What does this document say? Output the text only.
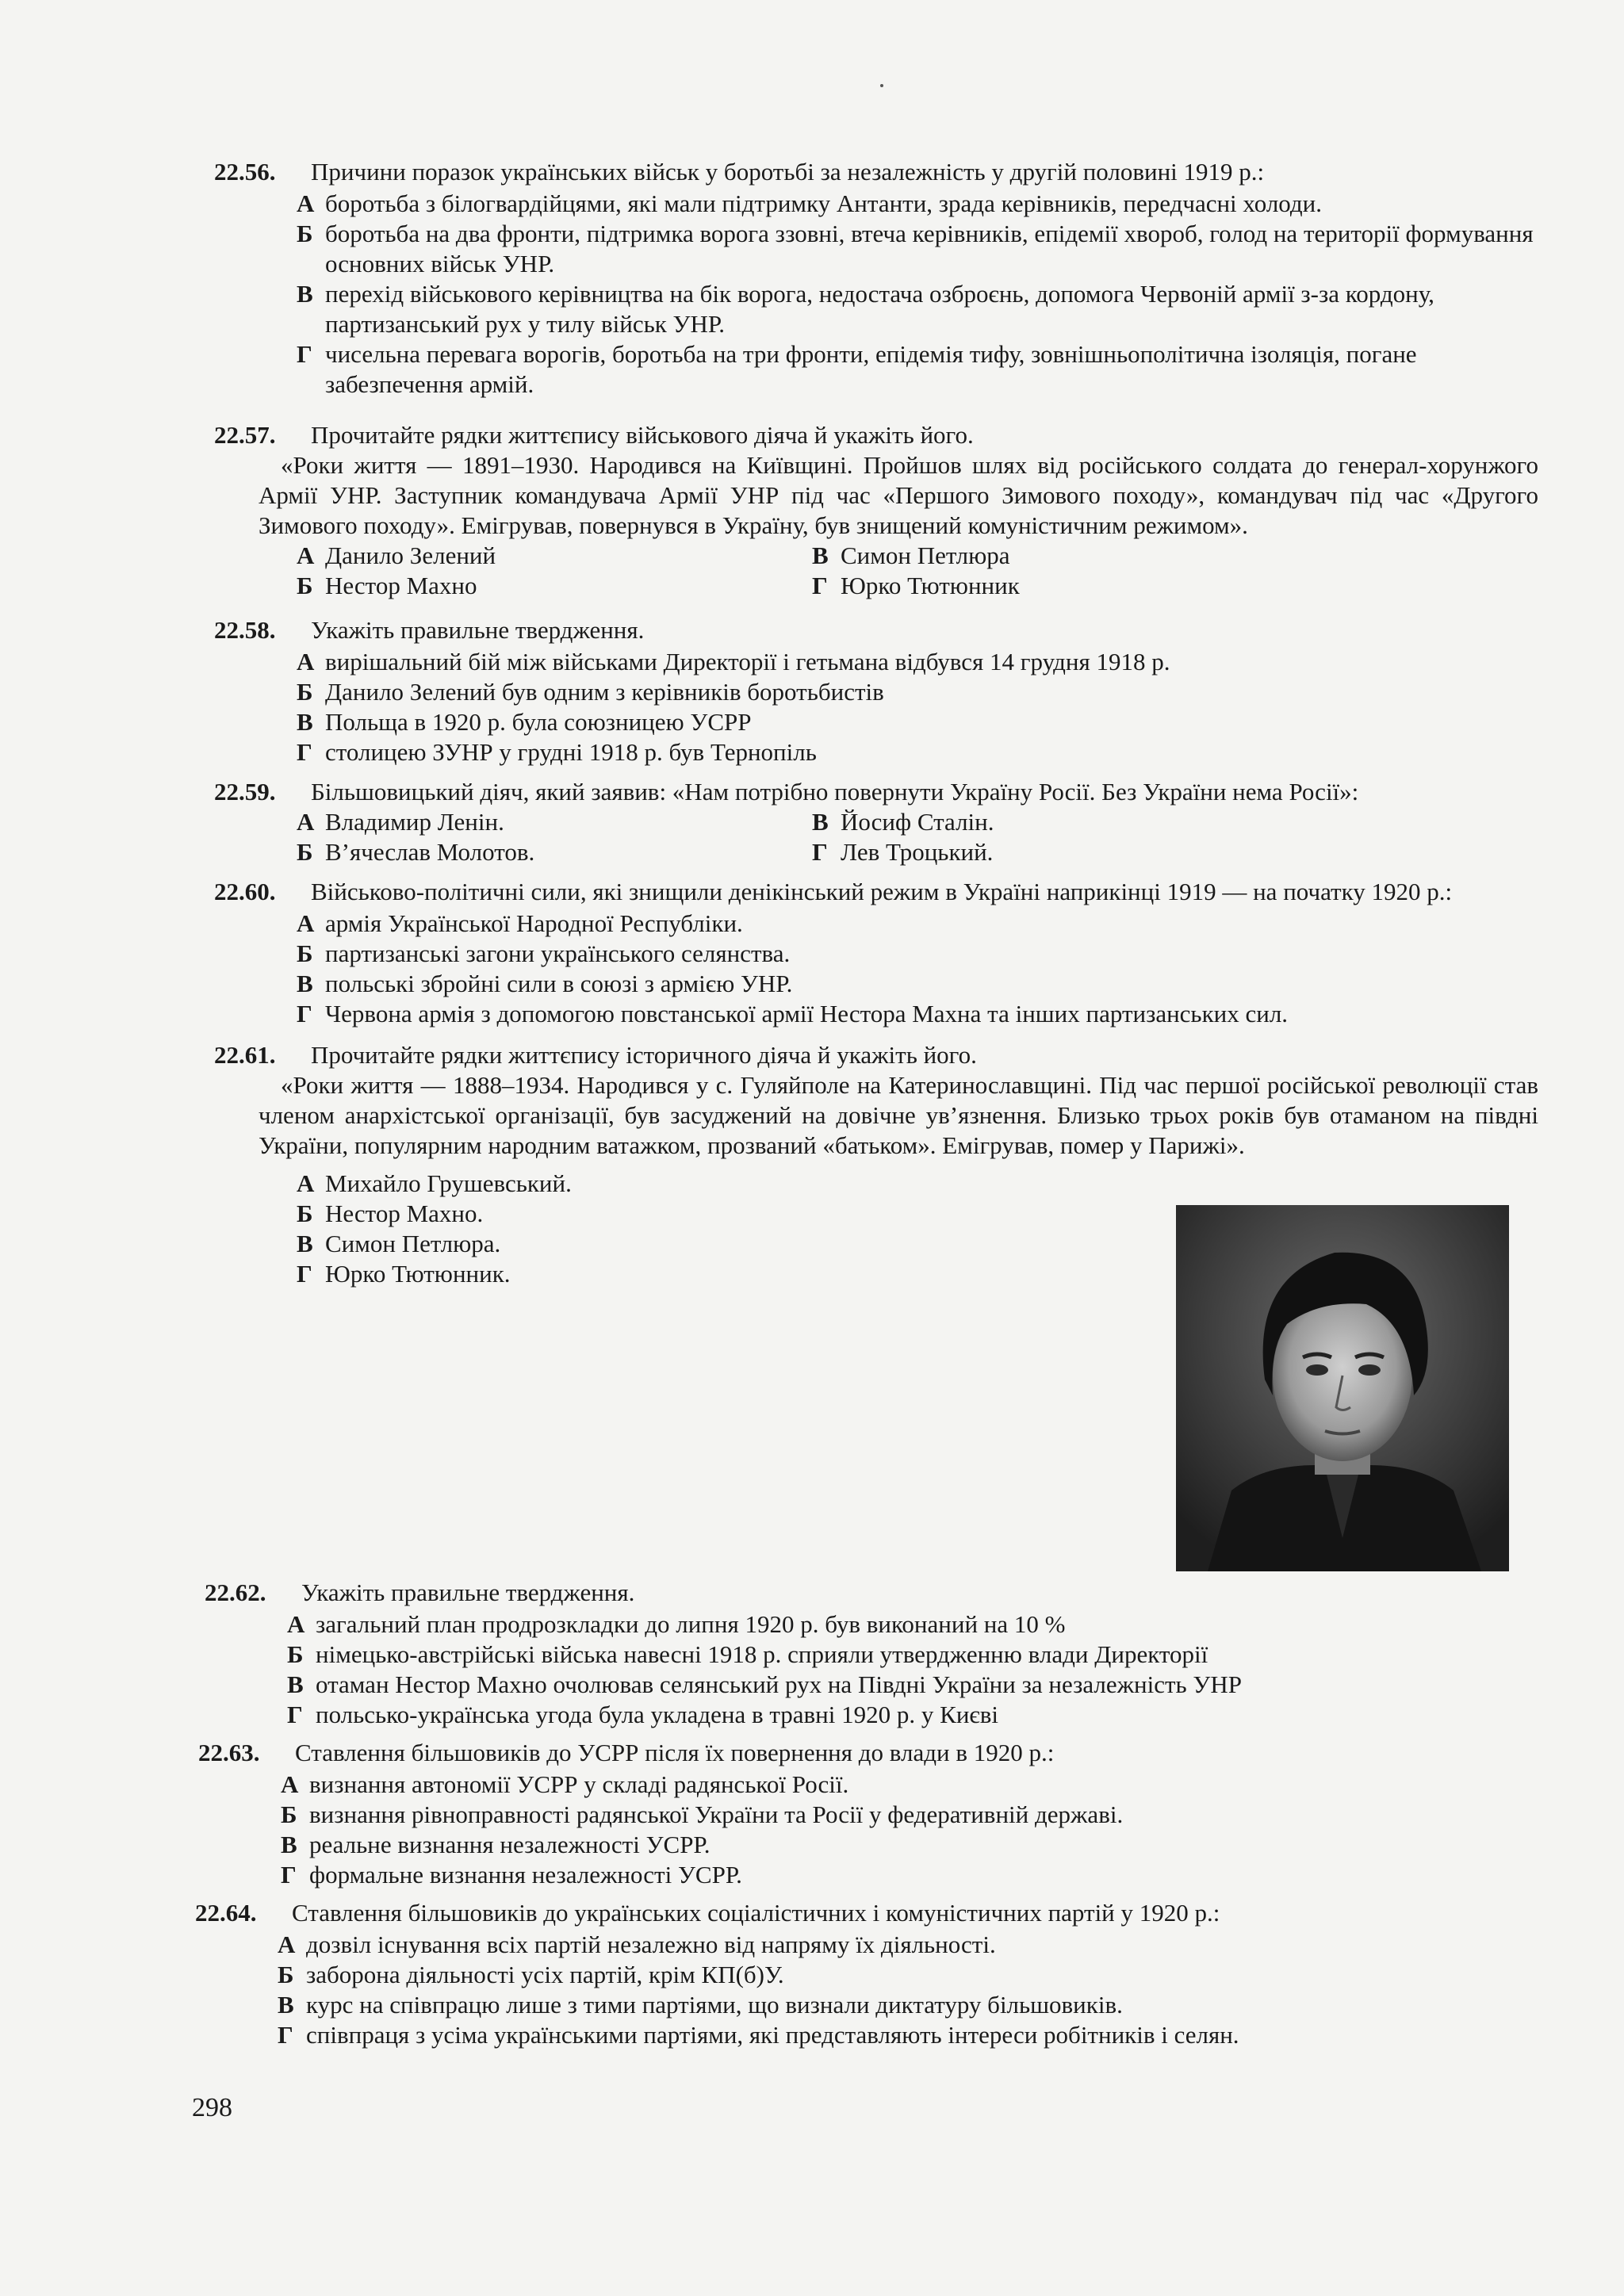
22.56.	Причини поразок українських військ у боротьбі за незалежність у другій половині 1919 р.:
А боротьба з білогвардійцями, які мали підтримку Антанти, зрада керівників, передчасні холоди.
Б боротьба на два фронти, підтримка ворога ззовні, втеча керівників, епідемії хвороб, голод на території формування основних військ УНР.
В перехід військового керівництва на бік ворога, недостача озброєнь, допомога Червоній армії з-за кордону, партизанський рух у тилу військ УНР.
Г чисельна перевага ворогів, боротьба на три фронти, епідемія тифу, зовнішньополітична ізоляція, погане забезпечення армій.
22.57.	Прочитайте рядки життєпису військового діяча й укажіть його.
«Роки життя — 1891–1930. Народився на Київщині. Пройшов шлях від російського солдата до генерал-хорунжого Армії УНР. Заступник командувача Армії УНР під час «Першого Зимового походу», командувач під час «Другого Зимового походу». Емігрував, повернувся в Україну, був знищений комуністичним режимом».
А Данило Зелений	В Симон Петлюра
Б Нестор Махно	Г Юрко Тютюнник
22.58.	Укажіть правильне твердження.
А вирішальний бій між військами Директорії і гетьмана відбувся 14 грудня 1918 р.
Б Данило Зелений був одним з керівників боротьбистів
В Польща в 1920 р. була союзницею УСРР
Г столицею ЗУНР у грудні 1918 р. був Тернопіль
22.59.	Більшовицький діяч, який заявив: «Нам потрібно повернути Україну Росії. Без України нема Росії»:
А Владимир Ленін.	В Йосиф Сталін.
Б В’ячеслав Молотов.	Г Лев Троцький.
22.60.	Військово-політичні сили, які знищили денікінський режим в Україні наприкінці 1919 — на початку 1920 р.:
А армія Української Народної Республіки.
Б партизанські загони українського селянства.
В польські збройні сили в союзі з армією УНР.
Г Червона армія з допомогою повстанської армії Нестора Махна та інших партизанських сил.
22.61.	Прочитайте рядки життєпису історичного діяча й укажіть його.
«Роки життя — 1888–1934. Народився у с. Гуляйполе на Катеринославщині. Під час першої російської революції став членом анархістської організації, був засуджений на довічне ув’язнення. Близько трьох років був отаманом на півдні України, популярним народним ватажком, прозваний «батьком». Емігрував, помер у Парижі».
А Михайло Грушевський.
Б Нестор Махно.
В Симон Петлюра.
Г Юрко Тютюнник.
22.62.	Укажіть правильне твердження.
А загальний план продрозкладки до липня 1920 р. був виконаний на 10 %
Б німецько-австрійські війська навесні 1918 р. сприяли утвердженню влади Директорії
В отаман Нестор Махно очолював селянський рух на Півдні України за незалежність УНР
Г польсько-українська угода була укладена в травні 1920 р. у Києві
22.63.	Ставлення більшовиків до УСРР після їх повернення до влади в 1920 р.:
А визнання автономії УСРР у складі радянської Росії.
Б визнання рівноправності радянської України та Росії у федеративній державі.
В реальне визнання незалежності УСРР.
Г формальне визнання незалежності УСРР.
22.64.	Ставлення більшовиків до українських соціалістичних і комуністичних партій у 1920 р.:
А дозвіл існування всіх партій незалежно від напряму їх діяльності.
Б заборона діяльності усіх партій, крім КП(б)У.
В курс на співпрацю лише з тими партіями, що визнали диктатуру більшовиків.
Г співпраця з усіма українськими партіями, які представляють інтереси робітників і селян.
298
